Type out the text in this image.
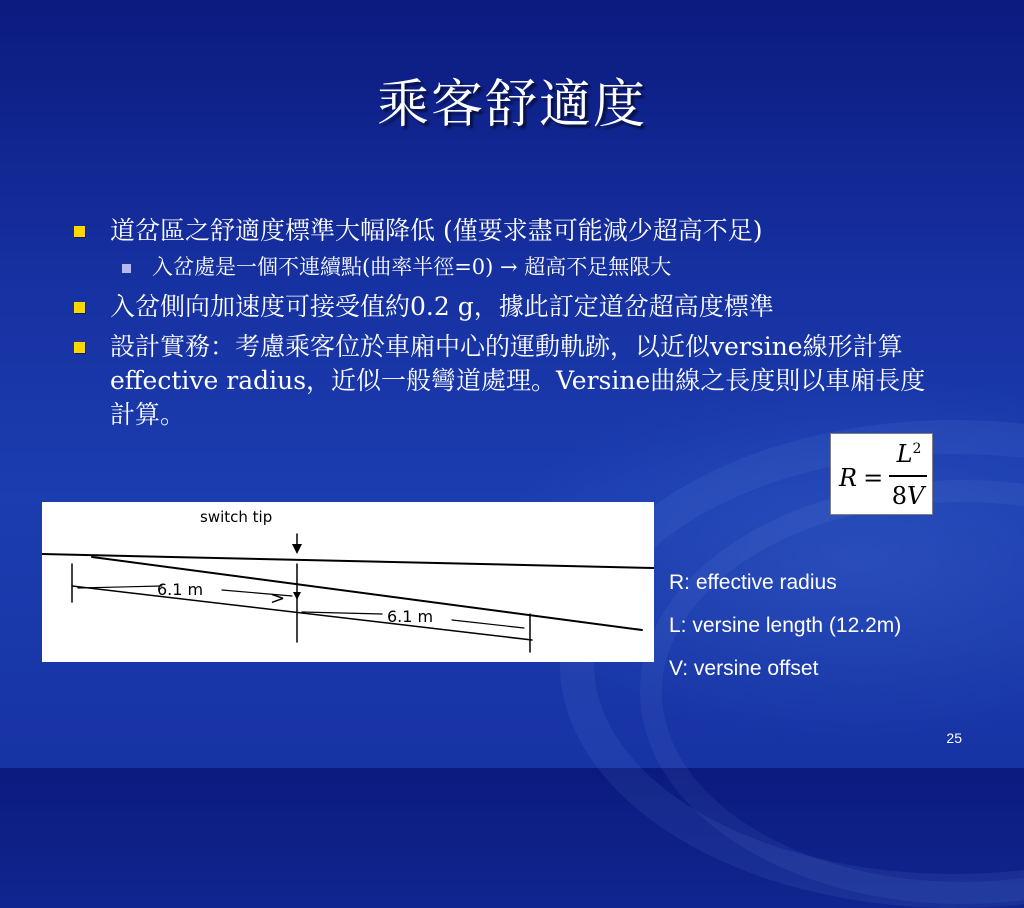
乘客舒適度
道岔區之舒適度標準大幅降低 (僅要求盡可能減少超高不足)
入岔處是一個不連續點(曲率半徑=0) → 超高不足無限大
入岔側向加速度可接受值約0.2 g，據此訂定道岔超高度標準
設計實務：考慮乘客位於車廂中心的運動軌跡，以近似versine線形計算effective radius，近似一般彎道處理。Versine曲線之長度則以車廂長度計算。
R =
$L^2$
8V
switch tip
6.1 m
6.1 m
>
R: effective radius
L: versine length (12.2m)
V: versine offset
25
